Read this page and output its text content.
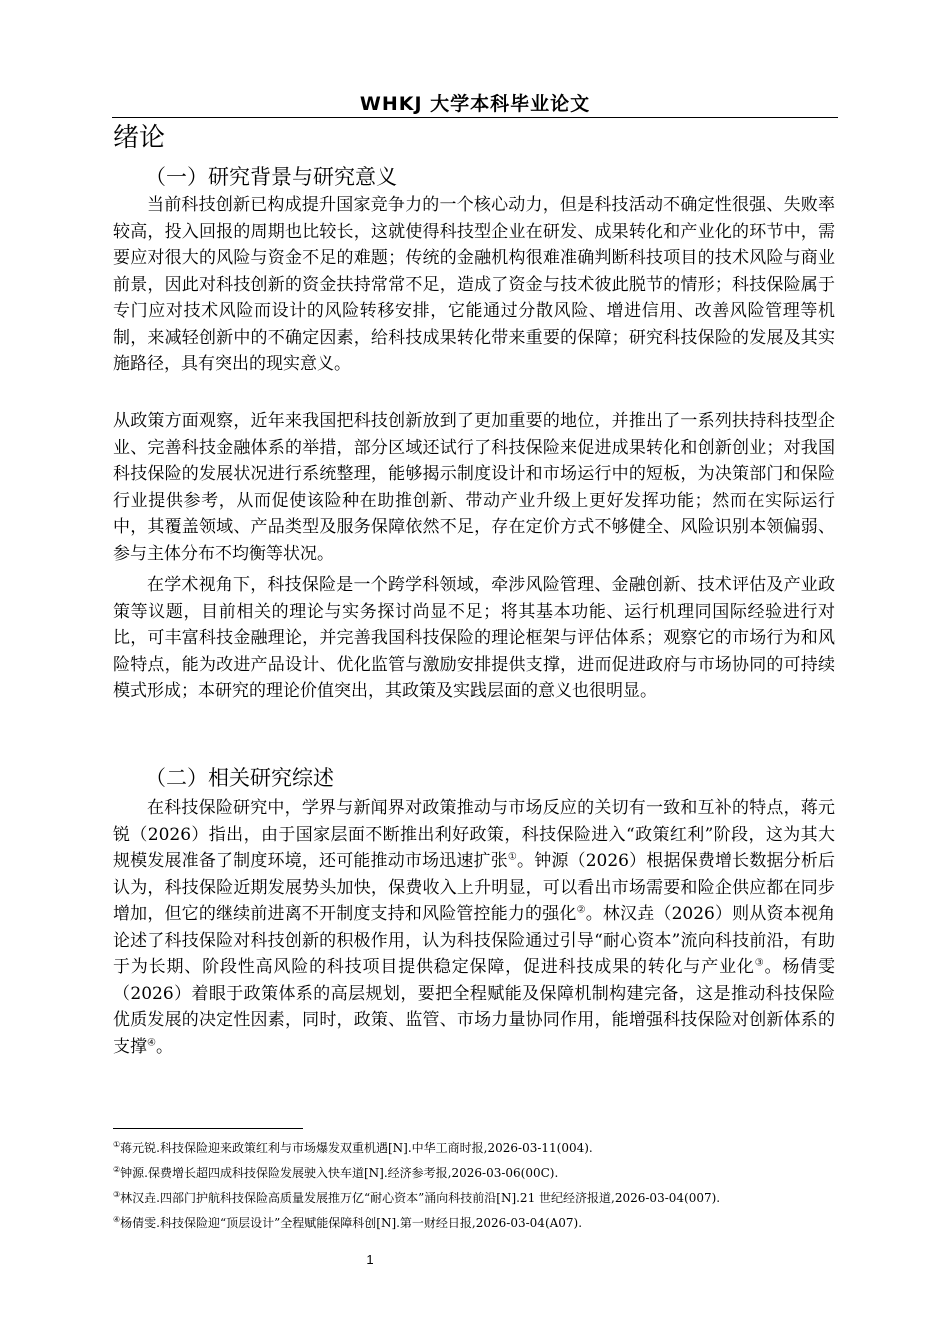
WHKJ 大学本科毕业论文
绪论
（一）研究背景与研究意义

当前科技创新已构成提升国家竞争力的一个核心动力，但是科技活动不确定性很强、失败率较高，投入回报的周期也比较长，这就使得科技型企业在研发、成果转化和产业化的环节中，需要应对很大的风险与资金不足的难题；传统的金融机构很难准确判断科技项目的技术风险与商业前景，因此对科技创新的资金扶持常常不足，造成了资金与技术彼此脱节的情形；科技保险属于专门应对技术风险而设计的风险转移安排，它能通过分散风险、增进信用、改善风险管理等机制，来减轻创新中的不确定因素，给科技成果转化带来重要的保障；研究科技保险的发展及其实施路径，具有突出的现实意义。

从政策方面观察，近年来我国把科技创新放到了更加重要的地位，并推出了一系列扶持科技型企业、完善科技金融体系的举措，部分区域还试行了科技保险来促进成果转化和创新创业；对我国科技保险的发展状况进行系统整理，能够揭示制度设计和市场运行中的短板，为决策部门和保险行业提供参考，从而促使该险种在助推创新、带动产业升级上更好发挥功能；然而在实际运行中，其覆盖领域、产品类型及服务保障依然不足，存在定价方式不够健全、风险识别本领偏弱、参与主体分布不均衡等状况。

在学术视角下，科技保险是一个跨学科领域，牵涉风险管理、金融创新、技术评估及产业政策等议题，目前相关的理论与实务探讨尚显不足；将其基本功能、运行机理同国际经验进行对比，可丰富科技金融理论，并完善我国科技保险的理论框架与评估体系；观察它的市场行为和风险特点，能为改进产品设计、优化监管与激励安排提供支撑，进而促进政府与市场协同的可持续模式形成；本研究的理论价值突出，其政策及实践层面的意义也很明显。

（二）相关研究综述

在科技保险研究中，学界与新闻界对政策推动与市场反应的关切有一致和互补的特点，蒋元锐（2026）指出，由于国家层面不断推出利好政策，科技保险进入“政策红利”阶段，这为其大规模发展准备了制度环境，还可能推动市场迅速扩张①。钟源（2026）根据保费增长数据分析后认为，科技保险近期发展势头加快，保费收入上升明显，可以看出市场需要和险企供应都在同步增加，但它的继续前进离不开制度支持和风险管控能力的强化②。林汉垚（2026）则从资本视角论述了科技保险对科技创新的积极作用，认为科技保险通过引导“耐心资本”流向科技前沿，有助于为长期、阶段性高风险的科技项目提供稳定保障，促进科技成果的转化与产业化③。杨倩雯（2026）着眼于政策体系的高层规划，要把全程赋能及保障机制构建完备，这是推动科技保险优质发展的决定性因素，同时，政策、监管、市场力量协同作用，能增强科技保险对创新体系的支撑④。

①蒋元锐.科技保险迎来政策红利与市场爆发双重机遇[N].中华工商时报,2026-03-11(004).
②钟源.保费增长超四成科技保险发展驶入快车道[N].经济参考报,2026-03-06(00C).
③林汉垚.四部门护航科技保险高质量发展推万亿“耐心资本”涌向科技前沿[N].21 世纪经济报道,2026-03-04(007).
④杨倩雯.科技保险迎“顶层设计”全程赋能保障科创[N].第一财经日报,2026-03-04(A07).
1
